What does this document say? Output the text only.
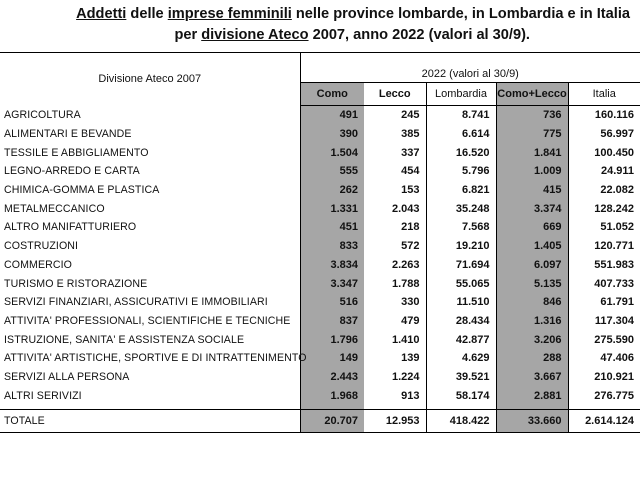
Addetti delle imprese femminili nelle province lombarde, in Lombardia e in Italia
per divisione Ateco 2007, anno 2022 (valori al 30/9).
Divisione Ateco 2007	2022 (valori al 30/9)				
	Como	Lecco	Lombardia	Como+Lecco	Italia
AGRICOLTURA	491	245	8.741	736	160.116
ALIMENTARI E BEVANDE	390	385	6.614	775	56.997
TESSILE E ABBIGLIAMENTO	1.504	337	16.520	1.841	100.450
LEGNO-ARREDO E CARTA	555	454	5.796	1.009	24.911
CHIMICA-GOMMA E PLASTICA	262	153	6.821	415	22.082
METALMECCANICO	1.331	2.043	35.248	3.374	128.242
ALTRO MANIFATTURIERO	451	218	7.568	669	51.052
COSTRUZIONI	833	572	19.210	1.405	120.771
COMMERCIO	3.834	2.263	71.694	6.097	551.983
TURISMO E RISTORAZIONE	3.347	1.788	55.065	5.135	407.733
SERVIZI FINANZIARI, ASSICURATIVI E IMMOBILIARI	516	330	11.510	846	61.791
ATTIVITA' PROFESSIONALI, SCIENTIFICHE E TECNICHE	837	479	28.434	1.316	117.304
ISTRUZIONE, SANITA' E ASSISTENZA SOCIALE	1.796	1.410	42.877	3.206	275.590
ATTIVITA' ARTISTICHE, SPORTIVE E DI INTRATTENIMENTO	149	139	4.629	288	47.406
SERVIZI ALLA PERSONA	2.443	1.224	39.521	3.667	210.921
ALTRI SERIVIZI	1.968	913	58.174	2.881	276.775

TOTALE	20.707	12.953	418.422	33.660	2.614.124
